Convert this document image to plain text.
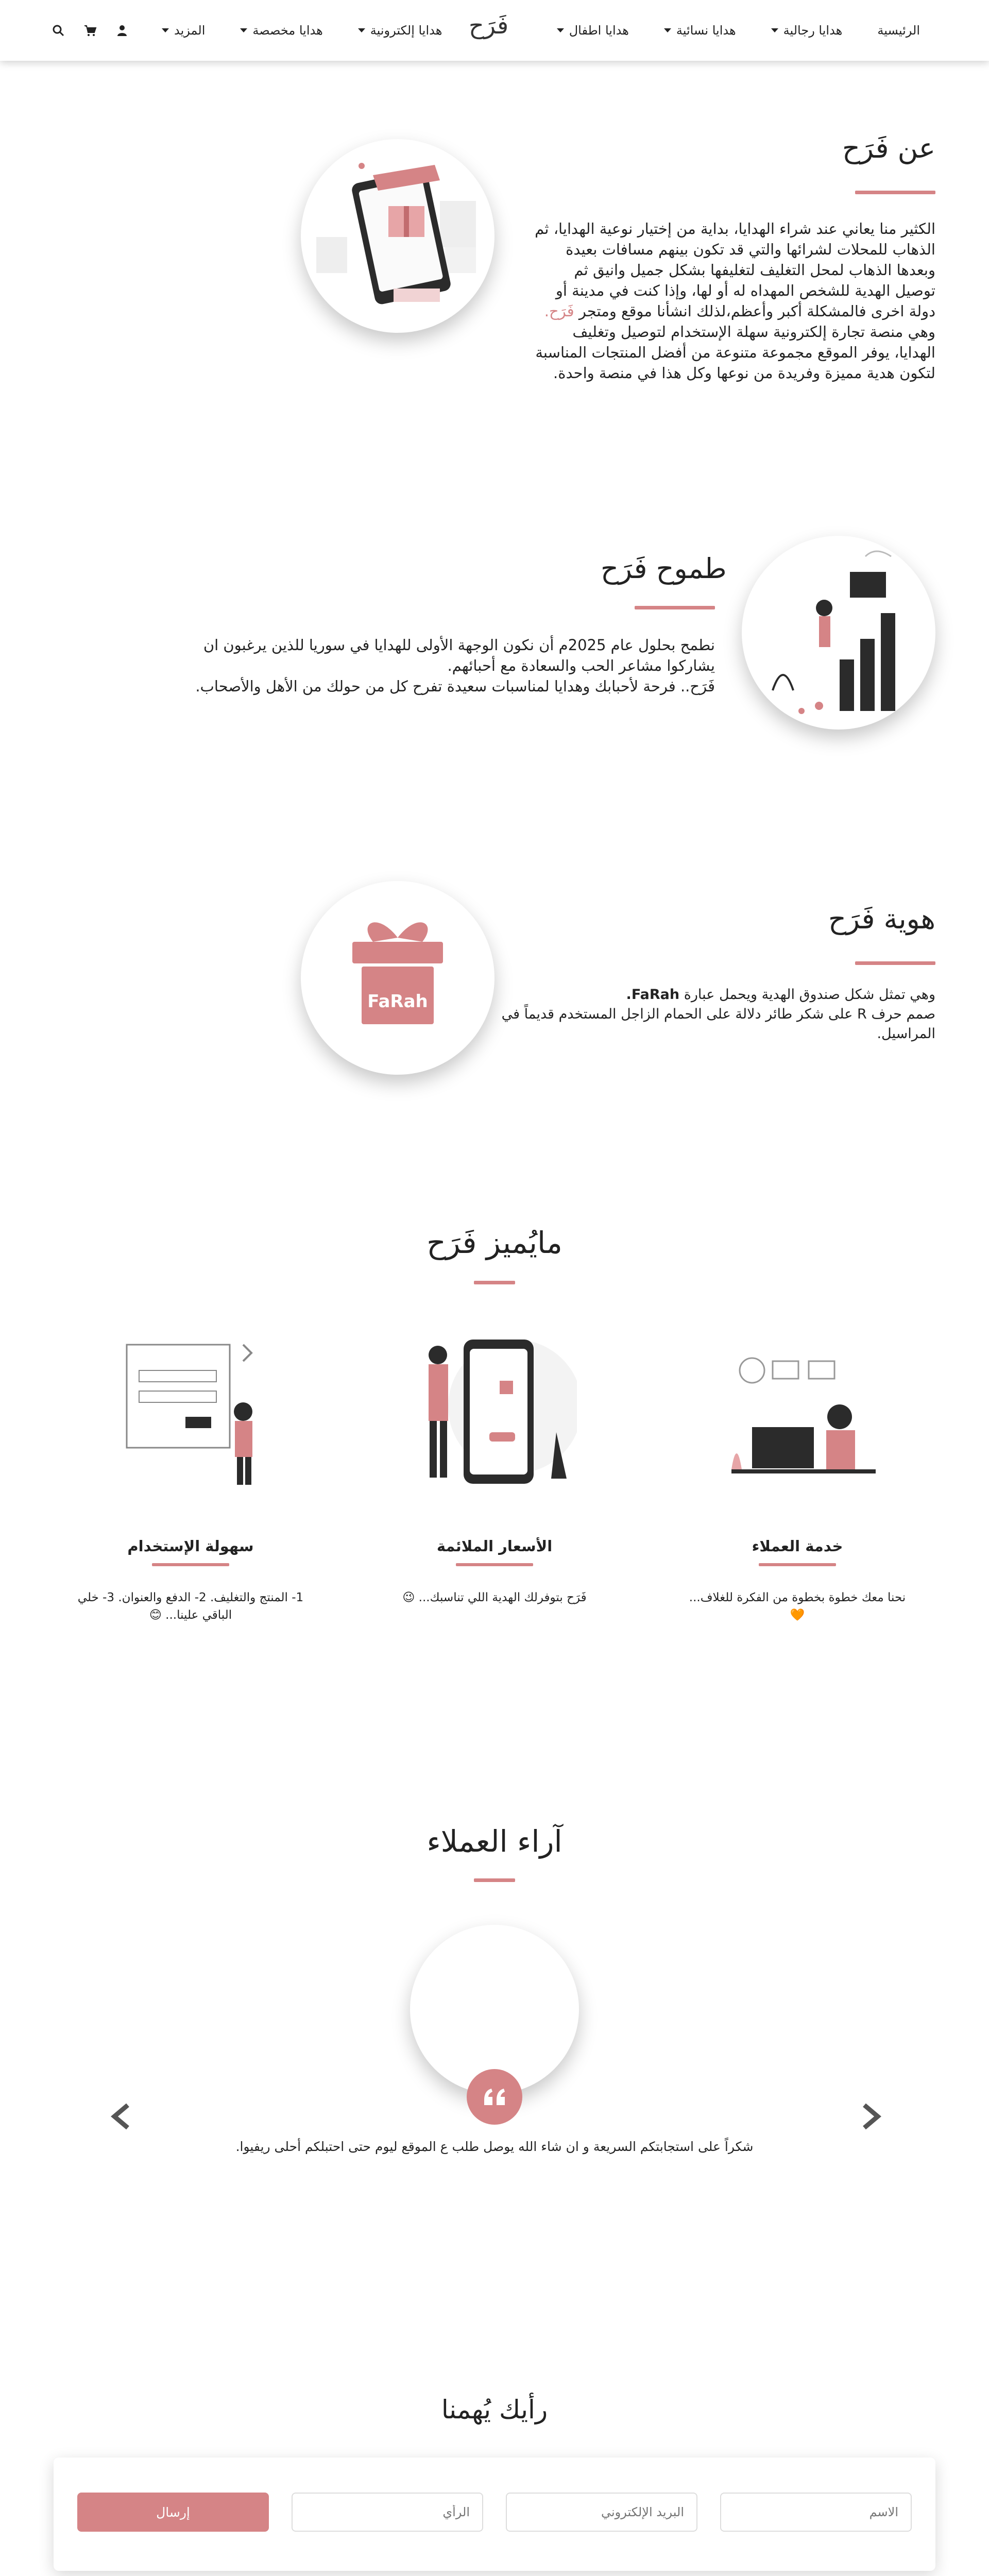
الرئيسية
هدايا رجالية
هدايا نسائية
هدايا اطفال
فَرَح
هدايا إلكترونية
هدايا مخصصة
المزيد
عن فَرَح
الكثير منا يعاني عند شراء الهدايا، بداية من إختيار نوعية الهدايا، ثم
الذهاب للمحلات لشرائها والتي قد تكون بينهم مسافات بعيدة
وبعدها الذهاب لمحل التغليف لتغليفها بشكل جميل وانيق ثم
توصيل الهدية للشخص المهداه له أو لها، وإذا كنت في مدينة أو
دولة اخرى فالمشكلة أكبر وأعظم،لذلك انشأنا موقع ومتجر فَرَح.
وهي منصة تجارة إلكترونية سهلة الإستخدام لتوصيل وتغليف
الهدايا، يوفر الموقع مجموعة متنوعة من أفضل المنتجات المناسبة
لتكون هدية مميزة وفريدة من نوعها وكل هذا في منصة واحدة.
طموح فَرَح
نطمح بحلول عام 2025م أن نكون الوجهة الأولى للهدايا في سوريا للذين يرغبون ان
يشاركوا مشاعر الحب والسعادة مع أحبائهم.
فَرَح.. فرحة لأحبابك وهدايا لمناسبات سعيدة تفرح كل من حولك من الأهل والأصحاب.
هوية فَرَح
وهي تمثل شكل صندوق الهدية ويحمل عبارة FaRah.
صمم حرف R على شكر طائر دلالة على الحمام الزاجل المستخدم قديماً في
المراسيل.
FaRah
مايُميز فَرَح
خدمة العملاء
نحنا معك خطوة بخطوة من الفكرة للغلاف... 🧡
الأسعار الملائمة
فَرَح بتوفرلك الهدية اللي تناسبك... 😉
سهولة الإستخدام
1- المنتج والتغليف. 2- الدفع والعنوان. 3- خلي الباقي علينا... 😊
آراء العملاء
شكراً على استجابتكم السريعة و ان شاء الله يوصل طلب ع الموقع ليوم حتى احتبلكم أحلى ريفيوا.
رأيك يُهمنا
الاسم
البريد الإلكتروني
الرأي
إرسال
